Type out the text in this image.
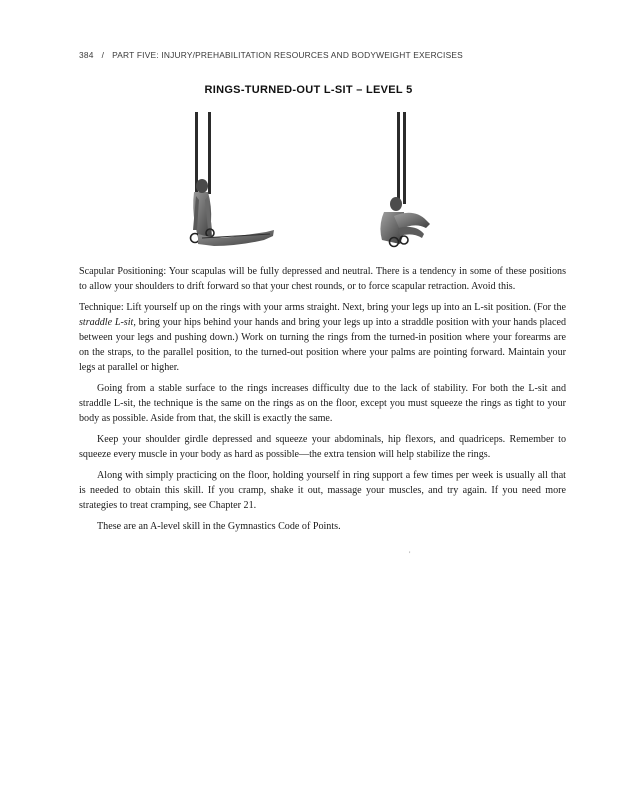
384 / PART FIVE: INJURY/PREHABILITATION RESOURCES AND BODYWEIGHT EXERCISES
RINGS-TURNED-OUT L-SIT – LEVEL 5

Scapular Positioning: Your scapulas will be fully depressed and neutral. There is a tendency in some of these positions to allow your shoulders to drift forward so that your chest rounds, or to force scapular retraction. Avoid this.

Technique: Lift yourself up on the rings with your arms straight. Next, bring your legs up into an L-sit position. (For the straddle L-sit, bring your hips behind your hands and bring your legs up into a straddle position with your hands placed between your legs and pushing down.) Work on turning the rings from the turned-in position where your forearms are on the straps, to the parallel position, to the turned-out position where your palms are pointing forward. Maintain your legs at parallel or higher.

Going from a stable surface to the rings increases difficulty due to the lack of stability. For both the L-sit and straddle L-sit, the technique is the same on the rings as on the floor, except you must squeeze the rings as tight to your body as possible. Aside from that, the skill is exactly the same.

Keep your shoulder girdle depressed and squeeze your abdominals, hip flexors, and quadriceps. Remember to squeeze every muscle in your body as hard as possible—the extra tension will help stabilize the rings.

Along with simply practicing on the floor, holding yourself in ring support a few times per week is usually all that is needed to obtain this skill. If you cramp, shake it out, massage your muscles, and try again. If you need more strategies to treat cramping, see Chapter 21.

These are an A-level skill in the Gymnastics Code of Points.

,
